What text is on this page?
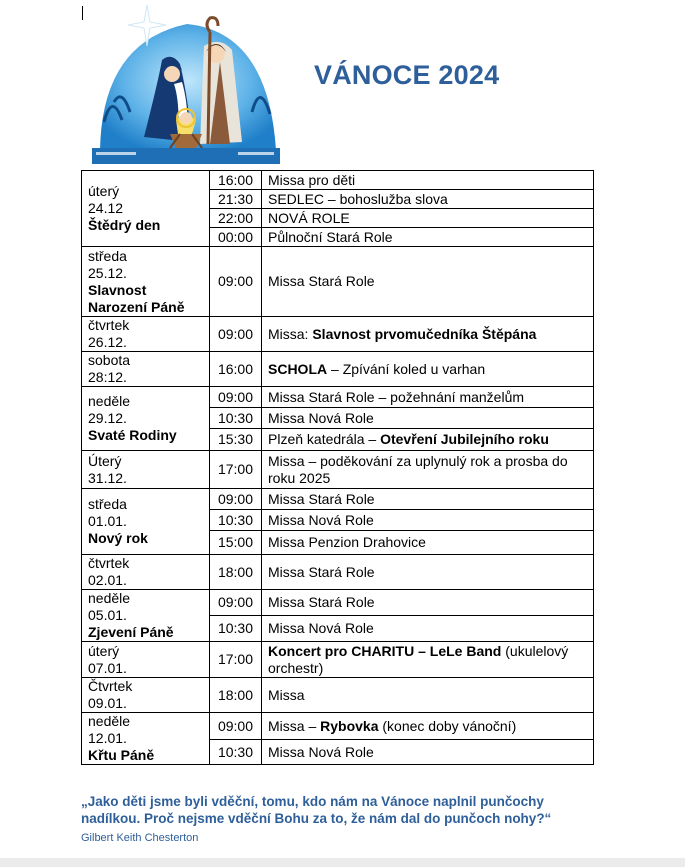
VÁNOCE 2024
úterý
24.12
Štědrý den	16:00	Missa pro děti
	21:30	SEDLEC – bohoslužba slova
	22:00	NOVÁ ROLE
	00:00	Půlnoční Stará Role

středa
25.12.
Slavnost Narození Páně	09:00	Missa Stará Role

čtvrtek
26.12.	09:00	Missa: Slavnost prvomučedníka Štěpána

sobota
28:12.	16:00	SCHOLA – Zpívání koled u varhan

neděle
29.12.
Svaté Rodiny	09:00	Missa Stará Role – požehnání manželům
	10:30	Missa Nová Role
	15:30	Plzeň katedrála – Otevření Jubilejního roku

Úterý
31.12.	17:00	Missa – poděkování za uplynulý rok a prosba do roku 2025

středa
01.01.
Nový rok	09:00	Missa Stará Role
	10:30	Missa Nová Role
	15:00	Missa Penzion Drahovice

čtvrtek
02.01.	18:00	Missa Stará Role

neděle
05.01.
Zjevení Páně	09:00	Missa Stará Role
	10:30	Missa Nová Role

úterý
07.01.	17:00	Koncert pro CHARITU – LeLe Band (ukulelový orchestr)

Čtvrtek
09.01.	18:00	Missa

neděle
12.01.
Křtu Páně	09:00	Missa – Rybovka (konec doby vánoční)
	10:30	Missa Nová Role
„Jako děti jsme byli vděční, tomu, kdo nám na Vánoce naplnil punčochy nadílkou. Proč nejsme vděční Bohu za to, že nám dal do punčoch nohy?“
Gilbert Keith Chesterton
